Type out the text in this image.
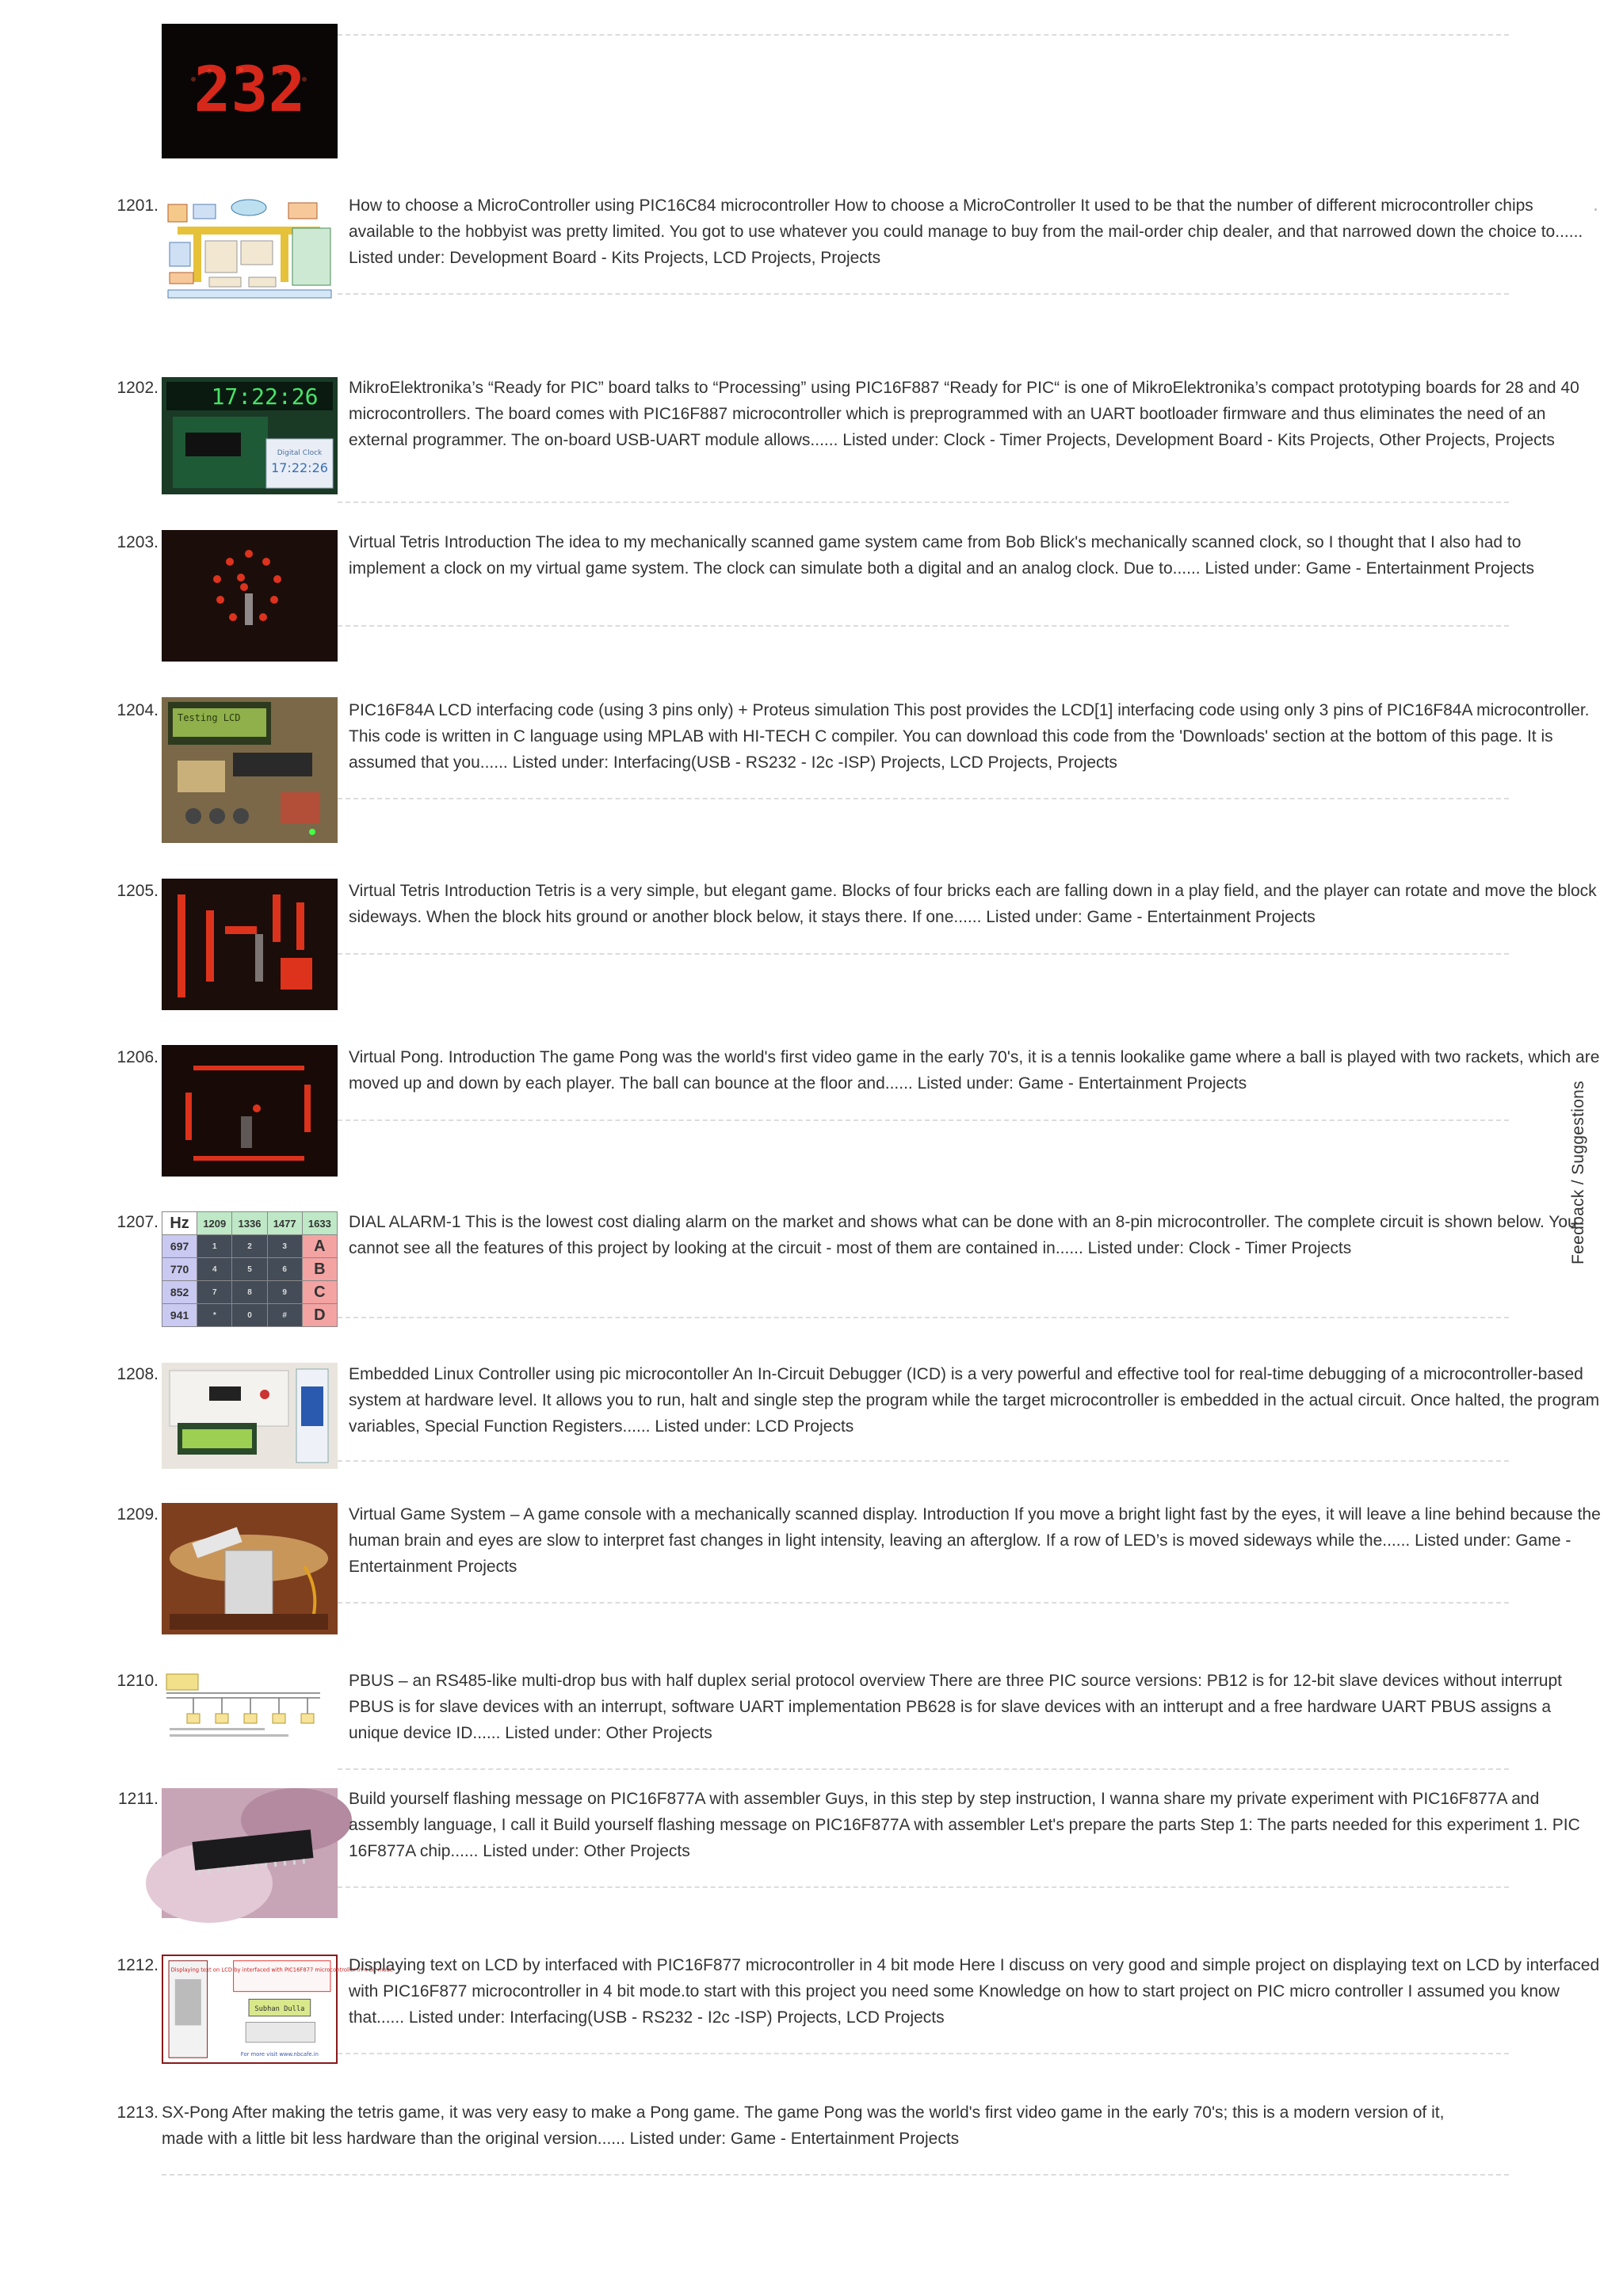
232
1201.	How to choose a MicroController using PIC16C84 microcontroller How to choose a MicroController It used to be that the number of different microcontroller chips available to the hobbyist was pretty limited. You got to use whatever you could manage to buy from the mail-order chip dealer, and that narrowed down the choice to...... Listed under: Development Board - Kits Projects, LCD Projects, Projects
1202. 17:22:26
Digital Clock
17:22:26
MikroElektronika’s “Ready for PIC” board talks to “Processing” using PIC16F887 “Ready for PIC“ is one of MikroElektronika’s compact prototyping boards for 28 and 40 microcontrollers. The board comes with PIC16F887 microcontroller which is preprogrammed with an UART bootloader firmware and thus eliminates the need of an external programmer. The on-board USB-UART module allows...... Listed under: Clock - Timer Projects, Development Board - Kits Projects, Other Projects, Projects
1203.	Virtual Tetris Introduction The idea to my mechanically scanned game system came from Bob Blick's mechanically scanned clock, so I thought that I also had to implement a clock on my virtual game system. The clock can simulate both a digital and an analog clock. Due to...... Listed under: Game - Entertainment Projects
1204. Testing LCD	PIC16F84A LCD interfacing code (using 3 pins only) + Proteus simulation This post provides the LCD[1] interfacing code using only 3 pins of PIC16F84A microcontroller. This code is written in C language using MPLAB with HI-TECH C compiler. You can download this code from the 'Downloads' section at the bottom of this page. It is assumed that you...... Listed under: Interfacing(USB - RS232 - I2c -ISP) Projects, LCD Projects, Projects
1205.	Virtual Tetris Introduction Tetris is a very simple, but elegant game. Blocks of four bricks each are falling down in a play field, and the player can rotate and move the block sideways. When the block hits ground or another block below, it stays there. If one...... Listed under: Game - Entertainment Projects
1206.	Virtual Pong. Introduction The game Pong was the world's first video game in the early 70's, it is a tennis lookalike game where a ball is played with two rackets, which are moved up and down by each player. The ball can bounce at the floor and...... Listed under: Game - Entertainment Projects
1207. Hz	1209	1336	1477	1633
697	1	2	3	A
770	4	5	6	B
852	7	8	9	C
941	*	0	#	D
DIAL ALARM-1 This is the lowest cost dialing alarm on the market and shows what can be done with an 8-pin microcontroller. The complete circuit is shown below. You cannot see all the features of this project by looking at the circuit - most of them are contained in...... Listed under: Clock - Timer Projects
1208.	Embedded Linux Controller using pic microcontoller An In-Circuit Debugger (ICD) is a very powerful and effective tool for real-time debugging of a microcontroller-based system at hardware level. It allows you to run, halt and single step the program while the target microcontroller is embedded in the actual circuit. Once halted, the program variables, Special Function Registers...... Listed under: LCD Projects
1209.	Virtual Game System – A game console with a mechanically scanned display. Introduction If you move a bright light fast by the eyes, it will leave a line behind because the human brain and eyes are slow to interpret fast changes in light intensity, leaving an afterglow. If a row of LED’s is moved sideways while the...... Listed under: Game - Entertainment Projects
1210.	PBUS – an RS485-like multi-drop bus with half duplex serial protocol overview There are three PIC source versions: PB12 is for 12-bit slave devices without interrupt PBUS is for slave devices with an interrupt, software UART implementation PB628 is for slave devices with an intterupt and a free hardware UART PBUS assigns a unique device ID...... Listed under: Other Projects
1211.	Build yourself flashing message on PIC16F877A with assembler Guys, in this step by step instruction, I wanna share my private experiment with PIC16F877A and assembly language, I call it Build yourself flashing message on PIC16F877A with assembler Let's prepare the parts Step 1: The parts needed for this experiment 1. PIC 16F877A chip...... Listed under: Other Projects
1212. Displaying text on LCD by interfaced with PIC16F877 microcontroller in 4 bit mode
Subhan Dulla
For more visit www.nbcafe.in
Displaying text on LCD by interfaced with PIC16F877 microcontroller in 4 bit mode Here I discuss on very good and simple project on displaying text on LCD by interfaced with PIC16F877 microcontroller in 4 bit mode.to start with this project you need some Knowledge on how to start project on PIC micro controller I assumed you know that...... Listed under: Interfacing(USB - RS232 - I2c -ISP) Projects, LCD Projects
1213. SX-Pong After making the tetris game, it was very easy to make a Pong game. The game Pong was the world's first video game in the early 70's; this is a modern version of it, made with a little bit less hardware than the original version...... Listed under: Game - Entertainment Projects
Feedback / Suggestions
